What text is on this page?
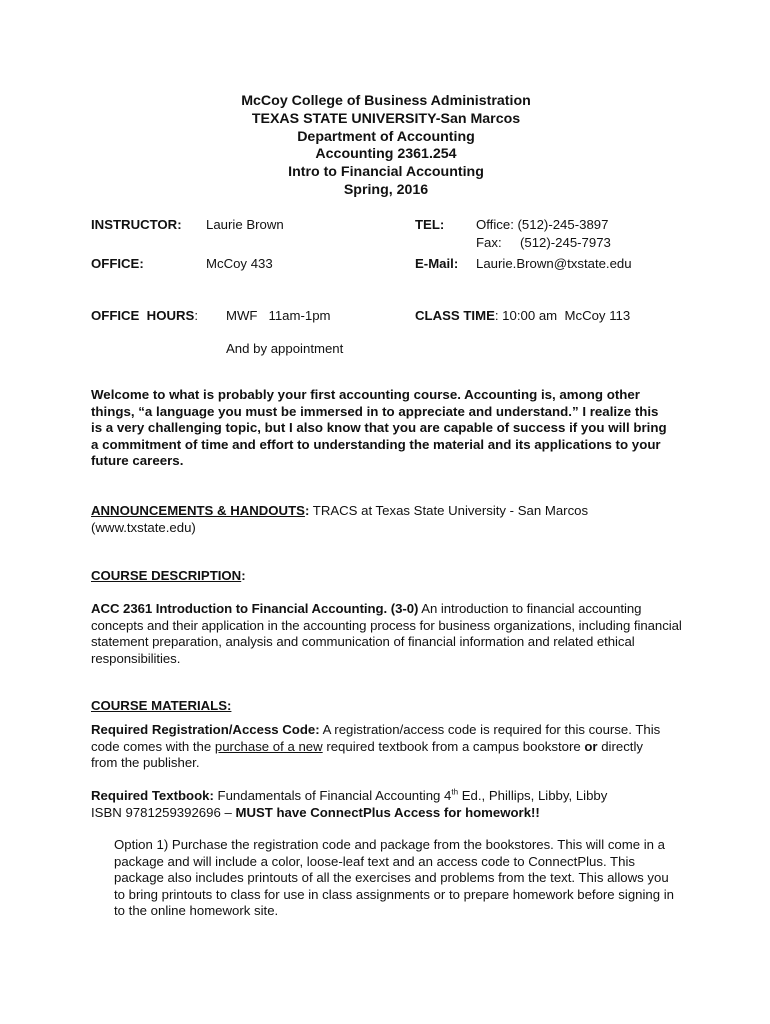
McCoy College of Business Administration
TEXAS STATE UNIVERSITY-San Marcos
Department of Accounting
Accounting 2361.254
Intro to Financial Accounting
Spring, 2016
INSTRUCTOR: Laurie Brown	TEL: Office: (512)-245-3897
Fax:     (512)-245-7973
OFFICE:	McCoy 433	E-Mail: Laurie.Brown@txstate.edu
OFFICE  HOURS: MWF   11am-1pm	CLASS TIME: 10:00 am  McCoy 113
And by appointment
Welcome to what is probably your first accounting course. Accounting is, among other things, “a language you must be immersed in to appreciate and understand.” I realize this is a very challenging topic, but I also know that you are capable of success if you will bring a commitment of time and effort to understanding the material and its applications to your future careers.
ANNOUNCEMENTS & HANDOUTS: TRACS at Texas State University - San Marcos (www.txstate.edu)
COURSE DESCRIPTION:
ACC 2361 Introduction to Financial Accounting. (3-0) An introduction to financial accounting concepts and their application in the accounting process for business organizations, including financial statement preparation, analysis and communication of financial information and related ethical responsibilities.
COURSE MATERIALS:
Required Registration/Access Code: A registration/access code is required for this course. This code comes with the purchase of a new required textbook from a campus bookstore or directly from the publisher.
Required Textbook: Fundamentals of Financial Accounting 4th Ed., Phillips, Libby, Libby
ISBN 9781259392696 – MUST have ConnectPlus Access for homework!!
Option 1) Purchase the registration code and package from the bookstores. This will come in a package and will include a color, loose-leaf text and an access code to ConnectPlus. This package also includes printouts of all the exercises and problems from the text. This allows you to bring printouts to class for use in class assignments or to prepare homework before signing in to the online homework site.
